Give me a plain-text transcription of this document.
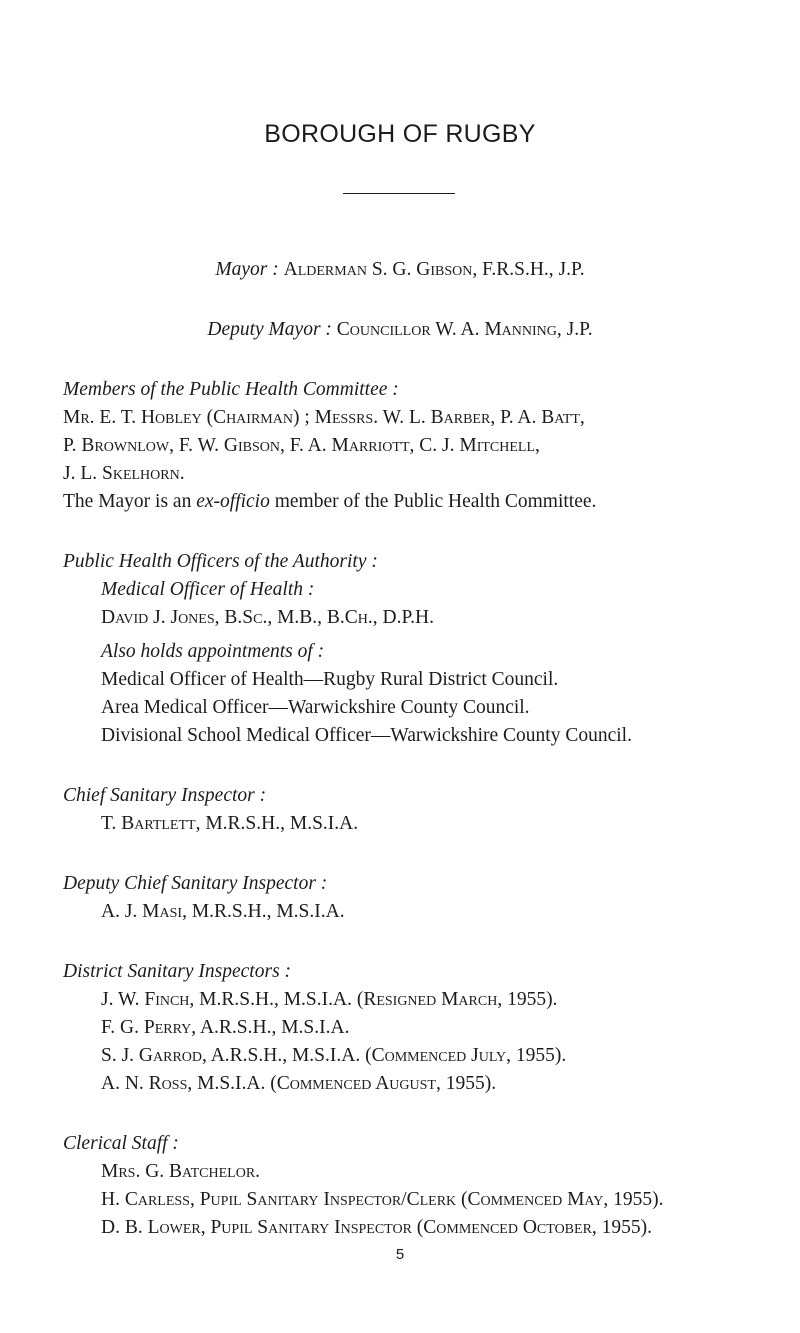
BOROUGH OF RUGBY
Mayor : Alderman S. G. Gibson, F.R.S.H., J.P.
Deputy Mayor : Councillor W. A. Manning, J.P.
Members of the Public Health Committee :
Mr. E. T. Hobley (Chairman) ; Messrs. W. L. Barber, P. A. Batt,
P. Brownlow, F. W. Gibson, F. A. Marriott, C. J. Mitchell,
J. L. Skelhorn.
The Mayor is an ex-officio member of the Public Health Committee.
Public Health Officers of the Authority :
Medical Officer of Health :
David J. Jones, B.Sc., M.B., B.Ch., D.P.H.
Also holds appointments of :
Medical Officer of Health—Rugby Rural District Council.
Area Medical Officer—Warwickshire County Council.
Divisional School Medical Officer—Warwickshire County Council.
Chief Sanitary Inspector :
T. Bartlett, M.R.S.H., M.S.I.A.
Deputy Chief Sanitary Inspector :
A. J. Masi, M.R.S.H., M.S.I.A.
District Sanitary Inspectors :
J. W. Finch, M.R.S.H., M.S.I.A. (Resigned March, 1955).
F. G. Perry, A.R.S.H., M.S.I.A.
S. J. Garrod, A.R.S.H., M.S.I.A. (Commenced July, 1955).
A. N. Ross, M.S.I.A. (Commenced August, 1955).
Clerical Staff :
Mrs. G. Batchelor.
H. Carless, Pupil Sanitary Inspector/Clerk (Commenced May, 1955).
D. B. Lower, Pupil Sanitary Inspector (Commenced October, 1955).
5
